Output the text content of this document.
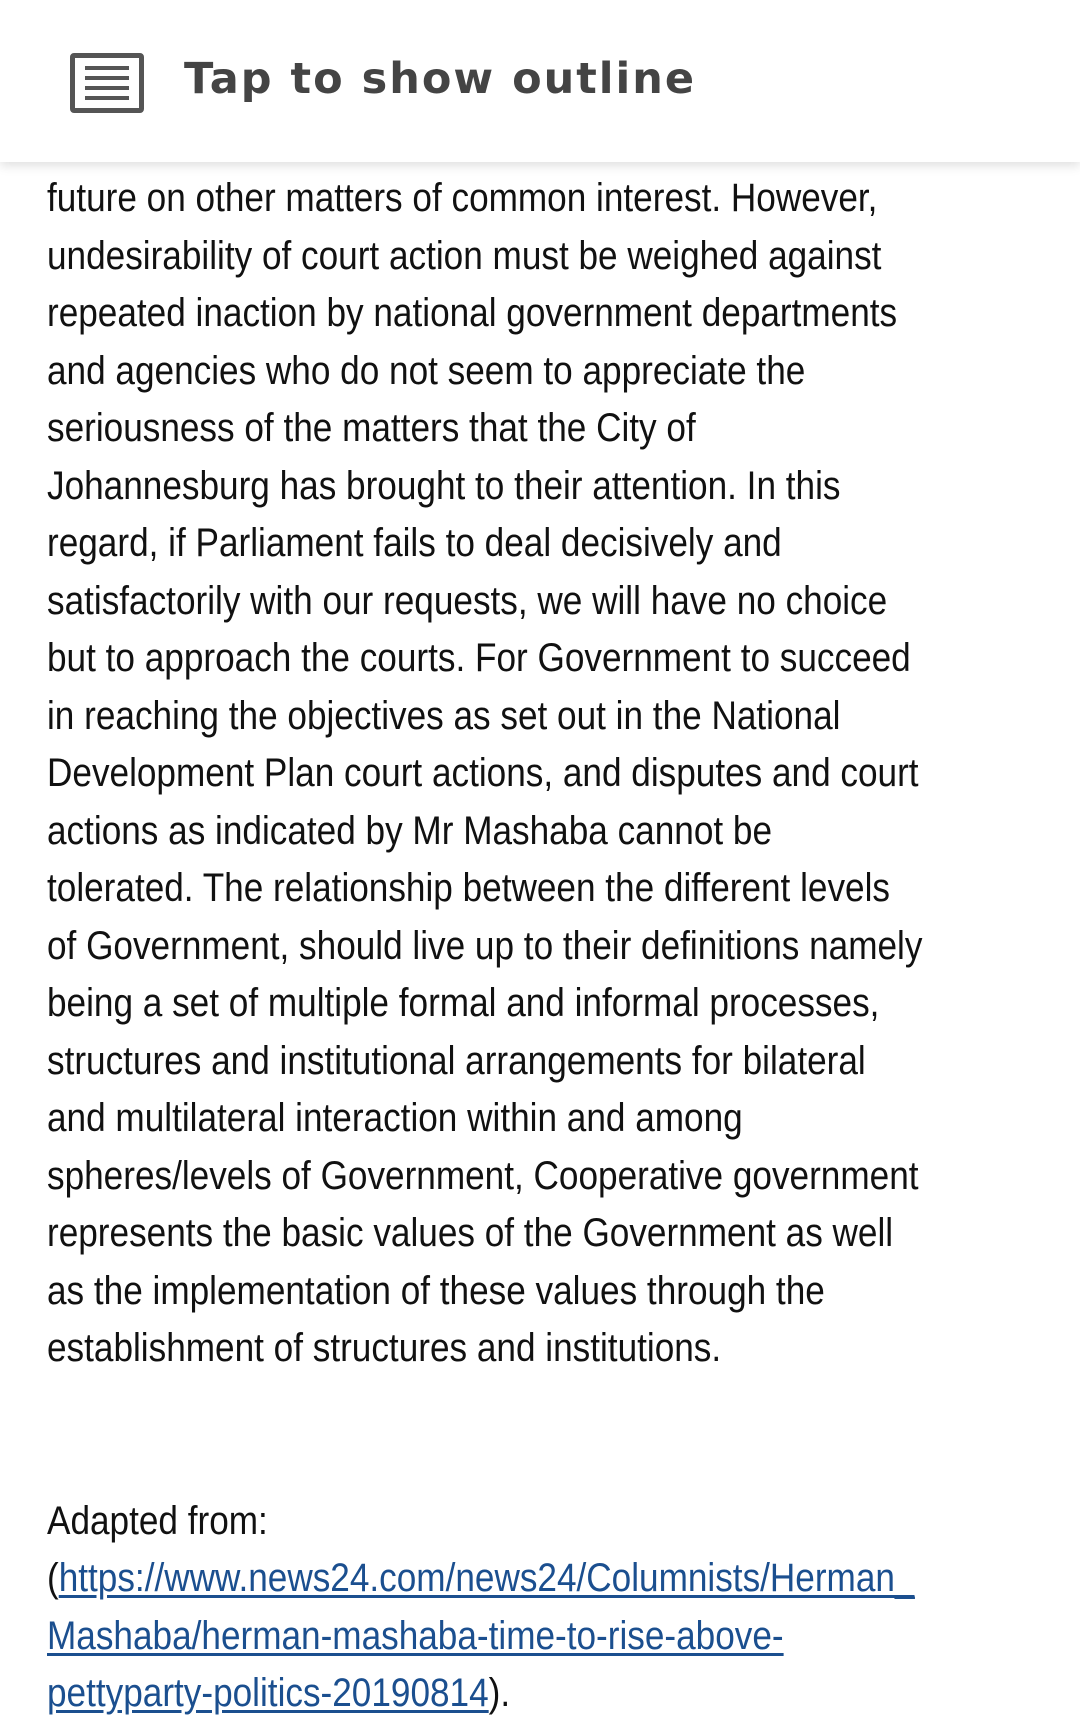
Tap to show outline

future on other matters of common interest. However,
undesirability of court action must be weighed against
repeated inaction by national government departments
and agencies who do not seem to appreciate the
seriousness of the matters that the City of
Johannesburg has brought to their attention. In this
regard, if Parliament fails to deal decisively and
satisfactorily with our requests, we will have no choice
but to approach the courts. For Government to succeed
in reaching the objectives as set out in the National
Development Plan court actions, and disputes and court
actions as indicated by Mr Mashaba cannot be
tolerated. The relationship between the different levels
of Government, should live up to their definitions namely
being a set of multiple formal and informal processes,
structures and institutional arrangements for bilateral
and multilateral interaction within and among
spheres/levels of Government, Cooperative government
represents the basic values of the Government as well
as the implementation of these values through the
establishment of structures and institutions.

Adapted from:
(https://www.news24.com/news24/Columnists/Herman_
Mashaba/herman-mashaba-time-to-rise-above-
pettyparty-politics-20190814).
